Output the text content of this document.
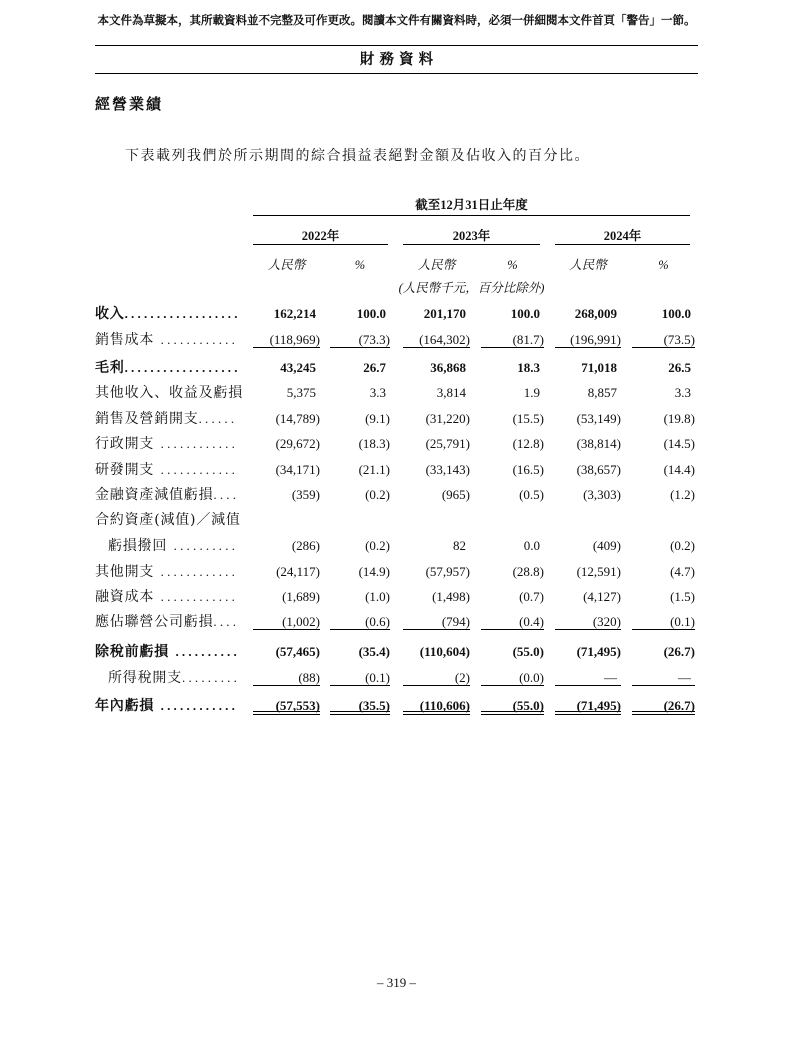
本文件為草擬本，其所載資料並不完整及可作更改。閱讀本文件有關資料時，必須一併細閱本文件首頁「警告」一節。
財 務 資 料
經營業績
下表載列我們於所示期間的綜合損益表絕對金額及佔收入的百分比。
截至12月31日止年度
2022年	2023年	2024年
人民幣	%	人民幣	%	人民幣	%
(人民幣千元，百分比除外)
收入..................	162,214	100.0	201,170	100.0	268,009	100.0
銷售成本 ............	(118,969)	(73.3)	(164,302)	(81.7)	(196,991)	(73.5)
毛利..................	43,245	26.7	36,868	18.3	71,018	26.5
其他收入、收益及虧損	5,375	3.3	3,814	1.9	8,857	3.3
銷售及營銷開支......	(14,789)	(9.1)	(31,220)	(15.5)	(53,149)	(19.8)
行政開支 ............	(29,672)	(18.3)	(25,791)	(12.8)	(38,814)	(14.5)
研發開支 ............	(34,171)	(21.1)	(33,143)	(16.5)	(38,657)	(14.4)
金融資產減值虧損....	(359)	(0.2)	(965)	(0.5)	(3,303)	(1.2)
合約資產(減值)／減值
虧損撥回 ..........	(286)	(0.2)	82	0.0	(409)	(0.2)
其他開支 ............	(24,117)	(14.9)	(57,957)	(28.8)	(12,591)	(4.7)
融資成本 ............	(1,689)	(1.0)	(1,498)	(0.7)	(4,127)	(1.5)
應佔聯營公司虧損....	(1,002)	(0.6)	(794)	(0.4)	(320)	(0.1)
除稅前虧損 ..........	(57,465)	(35.4)	(110,604)	(55.0)	(71,495)	(26.7)
所得稅開支.........	(88)	(0.1)	(2)	(0.0)	—	—
年內虧損 ............	(57,553)	(35.5)	(110,606)	(55.0)	(71,495)	(26.7)
– 319 –
